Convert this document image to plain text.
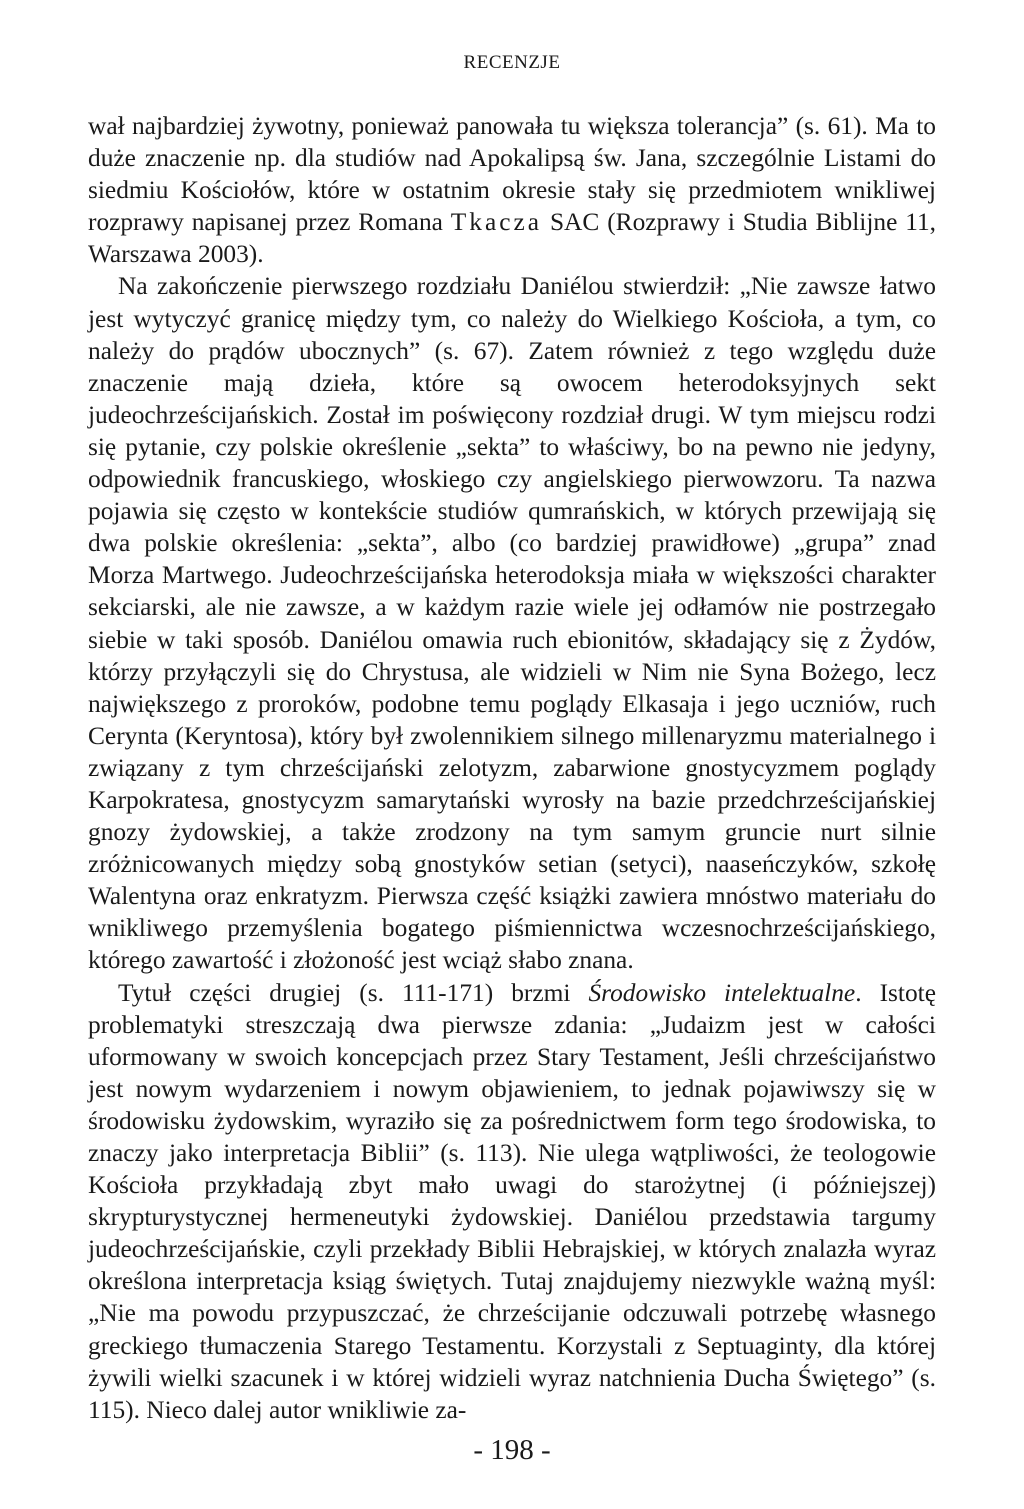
RECENZJE

wał najbardziej żywotny, ponieważ panowała tu większa tolerancja” (s. 61). Ma to duże znaczenie np. dla studiów nad Apokalipsą św. Jana, szczególnie Listami do siedmiu Kościołów, które w ostatnim okresie stały się przedmiotem wnikliwej rozprawy napisanej przez Romana Tkacza SAC (Rozprawy i Studia Biblijne 11, Warszawa 2003).

Na zakończenie pierwszego rozdziału Daniélou stwierdził: „Nie zawsze łatwo jest wytyczyć granicę między tym, co należy do Wielkiego Kościoła, a tym, co należy do prądów ubocznych” (s. 67). Zatem również z tego względu duże znaczenie mają dzieła, które są owocem heterodoksyjnych sekt judeochrześcijańskich. Został im poświęcony rozdział drugi. W tym miejscu rodzi się pytanie, czy polskie określenie „sekta” to właściwy, bo na pewno nie jedyny, odpowiednik francuskiego, włoskiego czy angielskiego pierwowzoru. Ta nazwa pojawia się często w kontekście studiów qumrańskich, w których przewijają się dwa polskie określenia: „sekta”, albo (co bardziej prawidłowe) „grupa” znad Morza Martwego. Judeochrześcijańska heterodoksja miała w większości charakter sekciarski, ale nie zawsze, a w każdym razie wiele jej odłamów nie postrzegało siebie w taki sposób. Daniélou omawia ruch ebionitów, składający się z Żydów, którzy przyłączyli się do Chrystusa, ale widzieli w Nim nie Syna Bożego, lecz największego z proroków, podobne temu poglądy Elkasaja i jego uczniów, ruch Cerynta (Keryntosa), który był zwolennikiem silnego millenaryzmu materialnego i związany z tym chrześcijański zelotyzm, zabarwione gnostycyzmem poglądy Karpokratesa, gnostycyzm samarytański wyrosły na bazie przedchrześcijańskiej gnozy żydowskiej, a także zrodzony na tym samym gruncie nurt silnie zróżnicowanych między sobą gnostyków setian (setyci), naaseńczyków, szkołę Walentyna oraz enkratyzm. Pierwsza część książki zawiera mnóstwo materiału do wnikliwego przemyślenia bogatego piśmiennictwa wczesnochrześcijańskiego, którego zawartość i złożoność jest wciąż słabo znana.

Tytuł części drugiej (s. 111-171) brzmi Środowisko intelektualne. Istotę problematyki streszczają dwa pierwsze zdania: „Judaizm jest w całości uformowany w swoich koncepcjach przez Stary Testament, Jeśli chrześcijaństwo jest nowym wydarzeniem i nowym objawieniem, to jednak pojawiwszy się w środowisku żydowskim, wyraziło się za pośrednictwem form tego środowiska, to znaczy jako interpretacja Biblii” (s. 113). Nie ulega wątpliwości, że teologowie Kościoła przykładają zbyt mało uwagi do starożytnej (i późniejszej) skrypturystycznej hermeneutyki żydowskiej. Daniélou przedstawia targumy judeochrześcijańskie, czyli przekłady Biblii Hebrajskiej, w których znalazła wyraz określona interpretacja ksiąg świętych. Tutaj znajdujemy niezwykle ważną myśl: „Nie ma powodu przypuszczać, że chrześcijanie odczuwali potrzebę własnego greckiego tłumaczenia Starego Testamentu. Korzystali z Septuaginty, dla której żywili wielki szacunek i w której widzieli wyraz natchnienia Ducha Świętego” (s. 115). Nieco dalej autor wnikliwie za-

- 198 -
